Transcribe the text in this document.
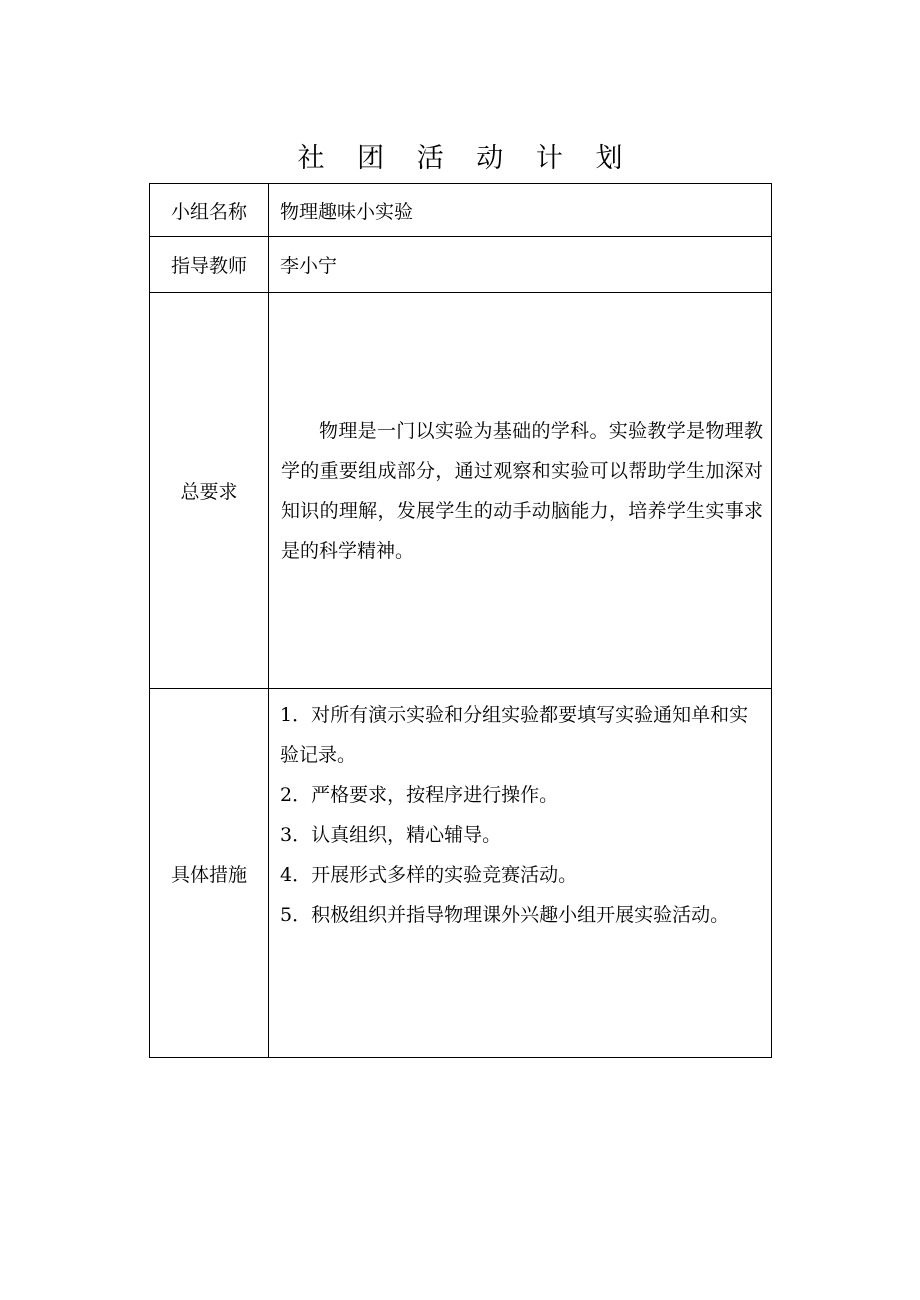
社 团 活 动 计 划
小组名称	物理趣味小实验
指导教师	李小宁
总要求	物理是一门以实验为基础的学科。实验教学是物理教学的重要组成部分，通过观察和实验可以帮助学生加深对知识的理解，发展学生的动手动脑能力，培养学生实事求是的科学精神。

具体措施	1．对所有演示实验和分组实验都要填写实验通知单和实验记录。

2．严格要求，按程序进行操作。

3．认真组织，精心辅导。

4．开展形式多样的实验竞赛活动。

5．积极组织并指导物理课外兴趣小组开展实验活动。
